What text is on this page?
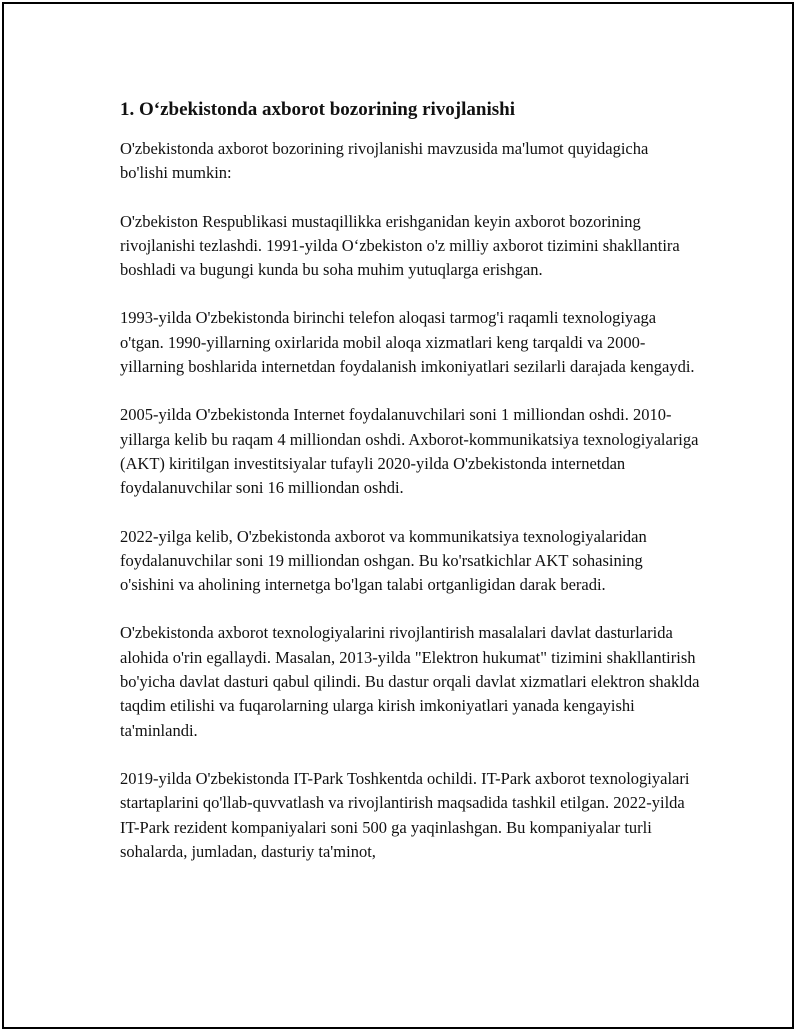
1. O‘zbekistonda axborot bozorining rivojlanishi

O'zbekistonda axborot bozorining rivojlanishi mavzusida ma'lumot quyidagicha bo'lishi mumkin:

O'zbekiston Respublikasi mustaqillikka erishganidan keyin axborot bozorining rivojlanishi tezlashdi. 1991-yilda O‘zbekiston o'z milliy axborot tizimini shakllantira boshladi va bugungi kunda bu soha muhim yutuqlarga erishgan.

1993-yilda O'zbekistonda birinchi telefon aloqasi tarmog'i raqamli texnologiyaga o'tgan. 1990-yillarning oxirlarida mobil aloqa xizmatlari keng tarqaldi va 2000-yillarning boshlarida internetdan foydalanish imkoniyatlari sezilarli darajada kengaydi.

2005-yilda O'zbekistonda Internet foydalanuvchilari soni 1 milliondan oshdi. 2010-yillarga kelib bu raqam 4 milliondan oshdi. Axborot-kommunikatsiya texnologiyalariga (AKT) kiritilgan investitsiyalar tufayli 2020-yilda O'zbekistonda internetdan foydalanuvchilar soni 16 milliondan oshdi.

2022-yilga kelib, O'zbekistonda axborot va kommunikatsiya texnologiyalaridan foydalanuvchilar soni 19 milliondan oshgan. Bu ko'rsatkichlar AKT sohasining o'sishini va aholining internetga bo'lgan talabi ortganligidan darak beradi.

O'zbekistonda axborot texnologiyalarini rivojlantirish masalalari davlat dasturlarida alohida o'rin egallaydi. Masalan, 2013-yilda "Elektron hukumat" tizimini shakllantirish bo'yicha davlat dasturi qabul qilindi. Bu dastur orqali davlat xizmatlari elektron shaklda taqdim etilishi va fuqarolarning ularga kirish imkoniyatlari yanada kengayishi ta'minlandi.

2019-yilda O'zbekistonda IT-Park Toshkentda ochildi. IT-Park axborot texnologiyalari startaplarini qo'llab-quvvatlash va rivojlantirish maqsadida tashkil etilgan. 2022-yilda IT-Park rezident kompaniyalari soni 500 ga yaqinlashgan. Bu kompaniyalar turli sohalarda, jumladan, dasturiy ta'minot,
